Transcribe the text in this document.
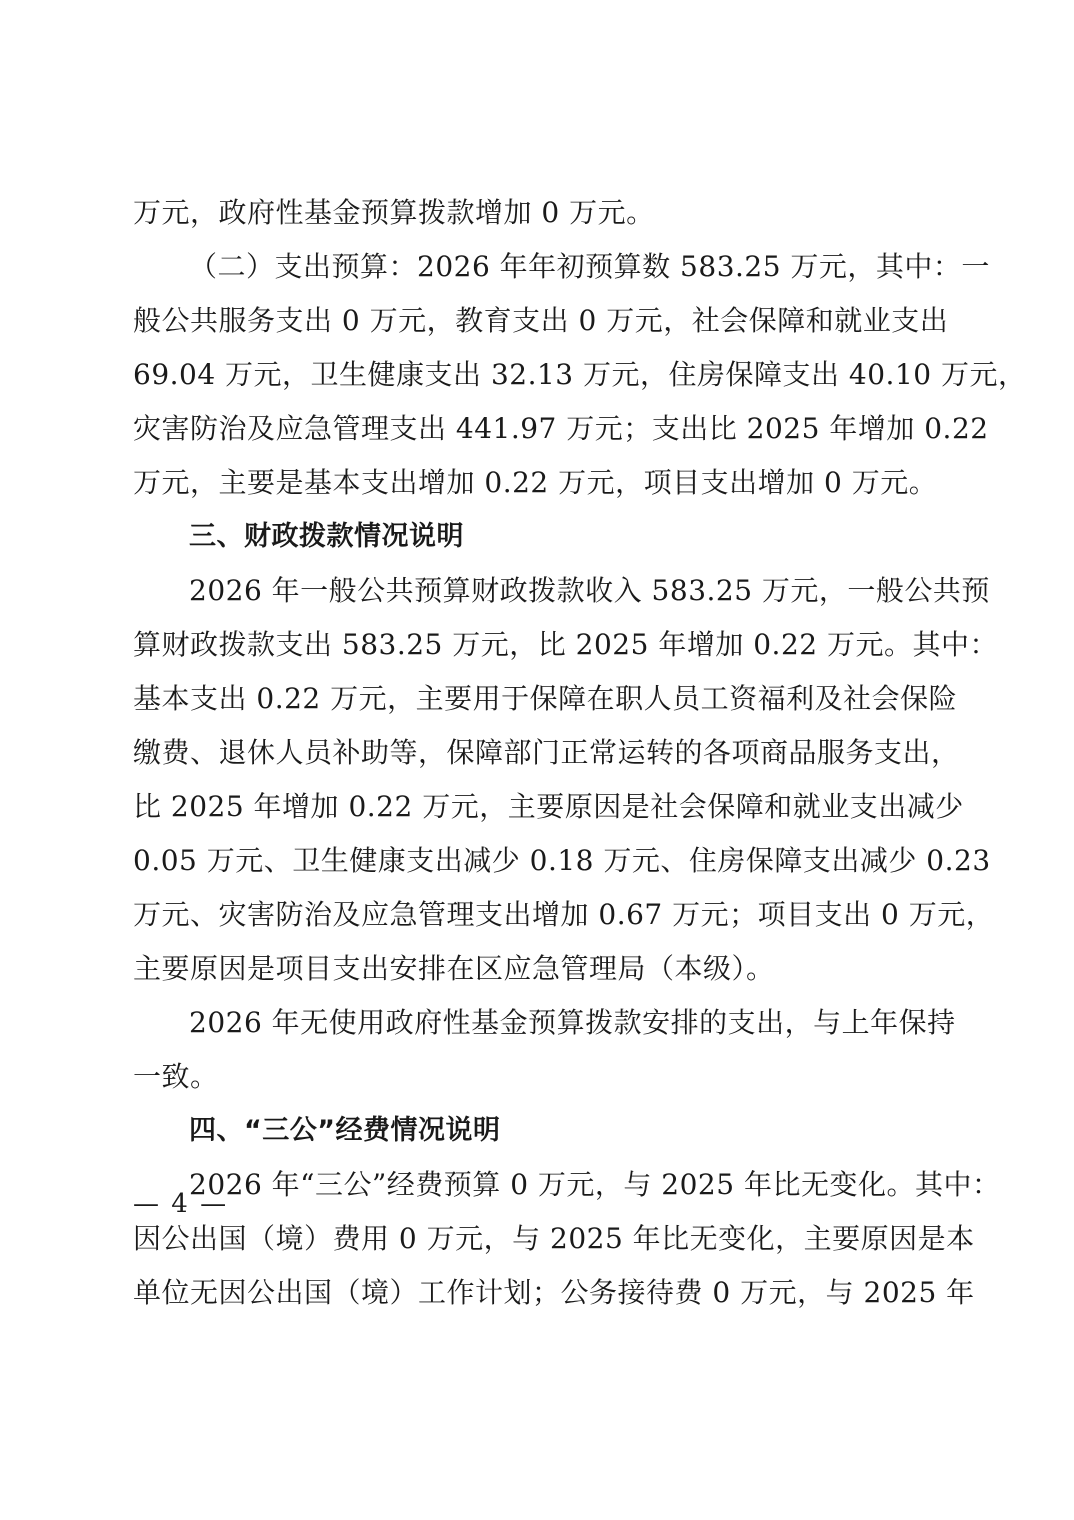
万元，政府性基金预算拨款增加 0 万元。
（二）支出预算：2026 年年初预算数 583.25 万元，其中：一
般公共服务支出 0 万元，教育支出 0 万元，社会保障和就业支出
69.04 万元，卫生健康支出 32.13 万元，住房保障支出 40.10 万元，
灾害防治及应急管理支出 441.97 万元；支出比 2025 年增加 0.22
万元，主要是基本支出增加 0.22 万元，项目支出增加 0 万元。
三、财政拨款情况说明
2026 年一般公共预算财政拨款收入 583.25 万元，一般公共预
算财政拨款支出 583.25 万元，比 2025 年增加 0.22 万元。其中：
基本支出 0.22 万元，主要用于保障在职人员工资福利及社会保险
缴费、退休人员补助等，保障部门正常运转的各项商品服务支出，
比 2025 年增加 0.22 万元，主要原因是社会保障和就业支出减少
0.05 万元、卫生健康支出减少 0.18 万元、住房保障支出减少 0.23
万元、灾害防治及应急管理支出增加 0.67 万元；项目支出 0 万元，
主要原因是项目支出安排在区应急管理局（本级）。
2026 年无使用政府性基金预算拨款安排的支出，与上年保持
一致。
四、“三公”经费情况说明
2026 年“三公”经费预算 0 万元，与 2025 年比无变化。其中：
因公出国（境）费用 0 万元，与 2025 年比无变化，主要原因是本
单位无因公出国（境）工作计划；公务接待费 0 万元，与 2025 年
— 4 —
